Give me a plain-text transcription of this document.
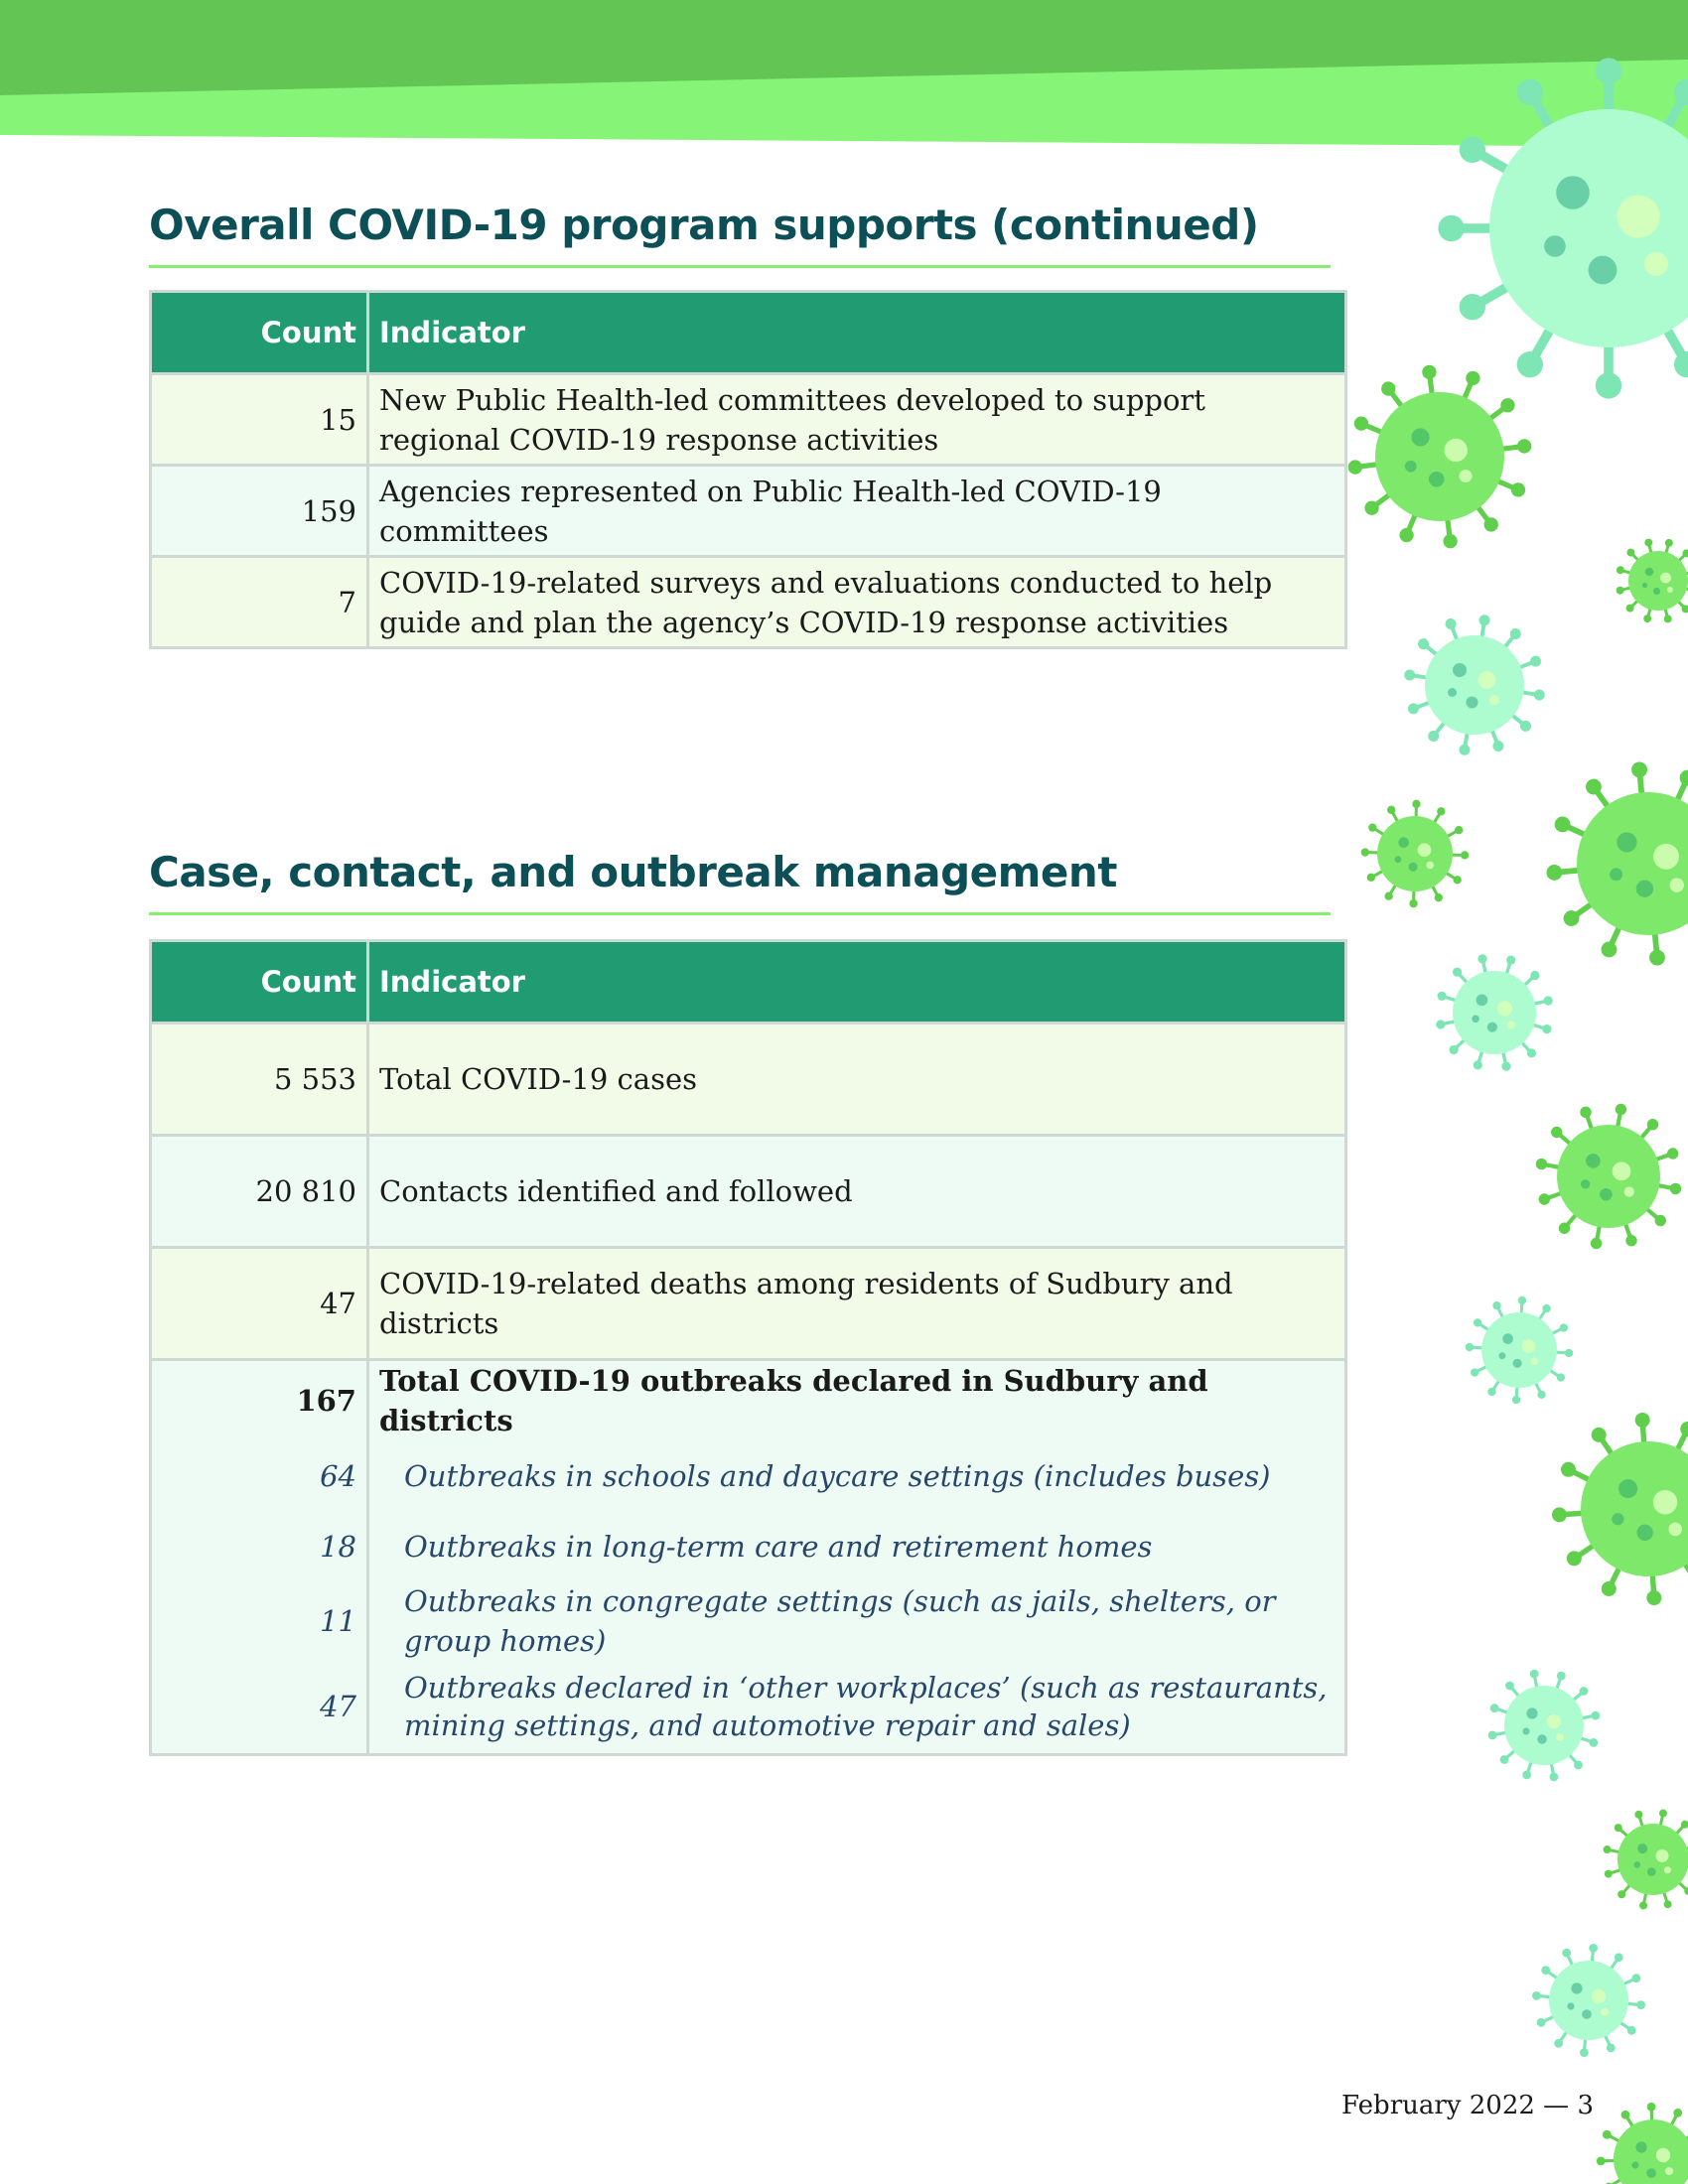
Overall COVID-19 program supports (continued)
Count	Indicator
15	New Public Health-led committees developed to support regional COVID-19 response activities
159	Agencies represented on Public Health-led COVID-19 committees
7	COVID-19-related surveys and evaluations conducted to help guide and plan the agency’s COVID-19 response activities
Case, contact, and outbreak management
Count	Indicator
5 553	Total COVID-19 cases
20 810	Contacts identified and followed
47	COVID-19-related deaths among residents of Sudbury and districts
167	Total COVID-19 outbreaks declared in Sudbury and districts
64	Outbreaks in schools and daycare settings (includes buses)
18	Outbreaks in long-term care and retirement homes
11	Outbreaks in congregate settings (such as jails, shelters, or group homes)
47	Outbreaks declared in ‘other workplaces’ (such as restaurants, mining settings, and automotive repair and sales)
February 2022 — 3
